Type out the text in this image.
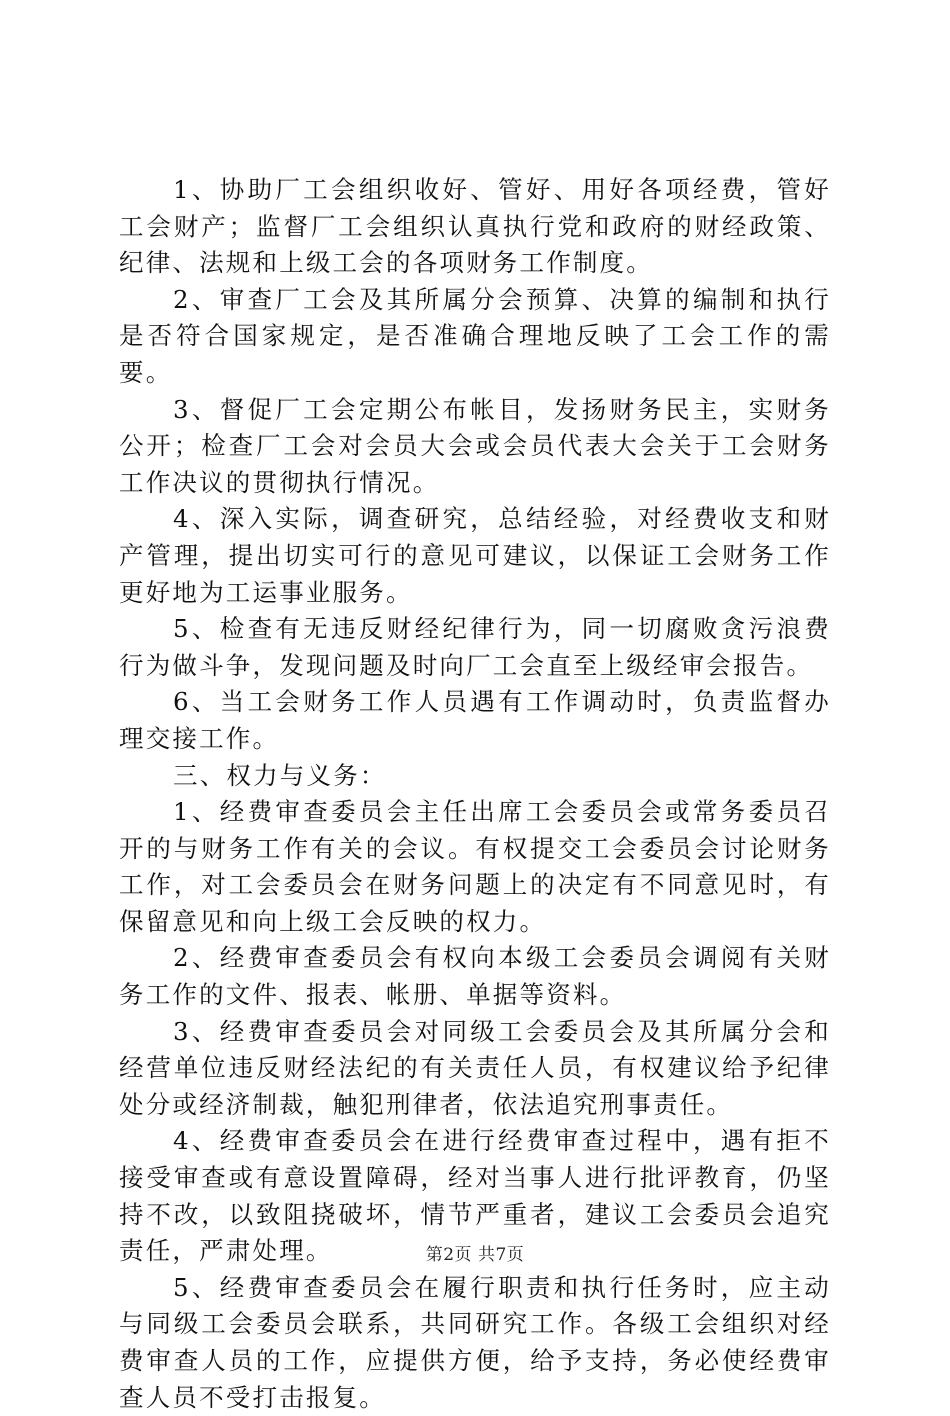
1、协助厂工会组织收好、管好、用好各项经费，管好工会财产；监督厂工会组织认真执行党和政府的财经政策、纪律、法规和上级工会的各项财务工作制度。

2、审查厂工会及其所属分会预算、决算的编制和执行是否符合国家规定，是否准确合理地反映了工会工作的需要。

3、督促厂工会定期公布帐目，发扬财务民主，实财务公开；检查厂工会对会员大会或会员代表大会关于工会财务工作决议的贯彻执行情况。

4、深入实际，调查研究，总结经验，对经费收支和财产管理，提出切实可行的意见可建议，以保证工会财务工作更好地为工运事业服务。

5、检查有无违反财经纪律行为，同一切腐败贪污浪费行为做斗争，发现问题及时向厂工会直至上级经审会报告。

6、当工会财务工作人员遇有工作调动时，负责监督办理交接工作。

三、权力与义务：

1、经费审查委员会主任出席工会委员会或常务委员召开的与财务工作有关的会议。有权提交工会委员会讨论财务工作，对工会委员会在财务问题上的决定有不同意见时，有保留意见和向上级工会反映的权力。

2、经费审查委员会有权向本级工会委员会调阅有关财务工作的文件、报表、帐册、单据等资料。

3、经费审查委员会对同级工会委员会及其所属分会和经营单位违反财经法纪的有关责任人员，有权建议给予纪律处分或经济制裁，触犯刑律者，依法追究刑事责任。

4、经费审查委员会在进行经费审查过程中，遇有拒不接受审查或有意设置障碍，经对当事人进行批评教育，仍坚持不改，以致阻挠破坏，情节严重者，建议工会委员会追究责任，严肃处理。

5、经费审查委员会在履行职责和执行任务时，应主动与同级工会委员会联系，共同研究工作。各级工会组织对经费审查人员的工作，应提供方便，给予支持，务必使经费审查人员不受打击报复。

第2页 共7页
